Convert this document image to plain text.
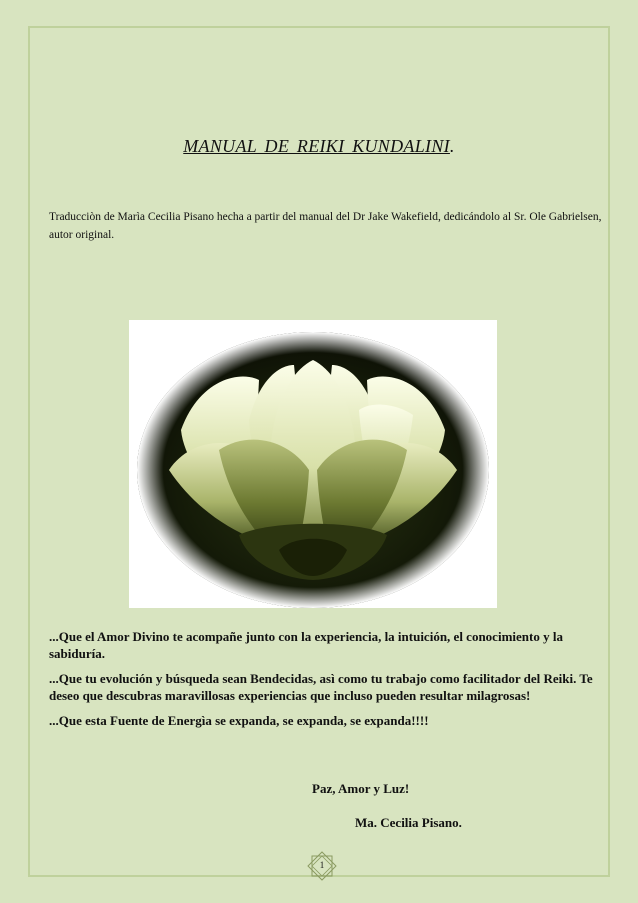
MANUAL DE REIKI KUNDALINI.
Traducciòn de Marìa Cecilia Pisano hecha a partir del manual del Dr Jake Wakefield, dedicándolo al Sr. Ole Gabrielsen, autor original.

...Que el Amor Divino te acompañe junto con la experiencia, la intuición, el conocimiento y la sabiduría.

...Que tu evolución y búsqueda sean Bendecidas, asì como tu trabajo como facilitador del Reiki. Te deseo que descubras maravillosas experiencias que incluso pueden resultar milagrosas!

...Que esta Fuente de Energìa se expanda, se expanda, se expanda!!!!

Paz, Amor y Luz!
Ma. Cecilia Pisano.
1
